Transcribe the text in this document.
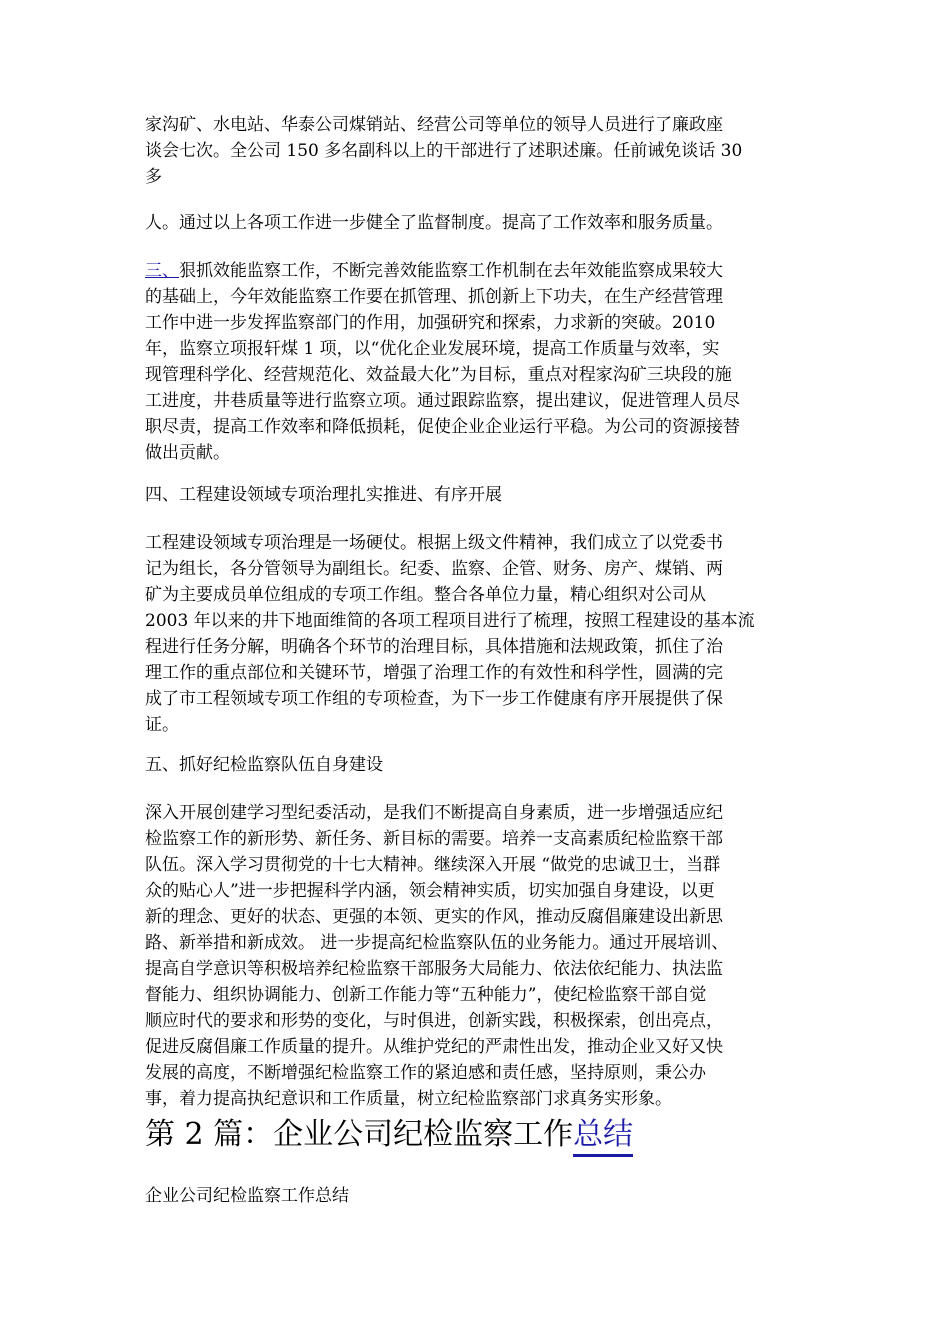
家沟矿、水电站、华泰公司煤销站、经营公司等单位的领导人员进行了廉政座
谈会七次。全公司 150 多名副科以上的干部进行了述职述廉。任前诫免谈话 30
多
人。通过以上各项工作进一步健全了监督制度。提高了工作效率和服务质量。
三、狠抓效能监察工作，不断完善效能监察工作机制在去年效能监察成果较大
的基础上，今年效能监察工作要在抓管理、抓创新上下功夫，在生产经营管理
工作中进一步发挥监察部门的作用，加强研究和探索，力求新的突破。2010
年，监察立项报轩煤 1 项，以“优化企业发展环境，提高工作质量与效率，实
现管理科学化、经营规范化、效益最大化”为目标，重点对程家沟矿三块段的施
工进度，井巷质量等进行监察立项。通过跟踪监察，提出建议，促进管理人员尽
职尽责，提高工作效率和降低损耗，促使企业企业运行平稳。为公司的资源接替
做出贡献。
四、工程建设领域专项治理扎实推进、有序开展
工程建设领域专项治理是一场硬仗。根据上级文件精神，我们成立了以党委书
记为组长，各分管领导为副组长。纪委、监察、企管、财务、房产、煤销、两
矿为主要成员单位组成的专项工作组。整合各单位力量，精心组织对公司从
2003 年以来的井下地面维简的各项工程项目进行了梳理，按照工程建设的基本流
程进行任务分解，明确各个环节的治理目标，具体措施和法规政策，抓住了治
理工作的重点部位和关键环节，增强了治理工作的有效性和科学性，圆满的完
成了市工程领域专项工作组的专项检查，为下一步工作健康有序开展提供了保
证。
五、抓好纪检监察队伍自身建设
深入开展创建学习型纪委活动，是我们不断提高自身素质，进一步增强适应纪
检监察工作的新形势、新任务、新目标的需要。培养一支高素质纪检监察干部
队伍。深入学习贯彻党的十七大精神。继续深入开展 “做党的忠诚卫士，当群
众的贴心人”进一步把握科学内涵，领会精神实质，切实加强自身建设，以更
新的理念、更好的状态、更强的本领、更实的作风，推动反腐倡廉建设出新思
路、新举措和新成效。 进一步提高纪检监察队伍的业务能力。通过开展培训、
提高自学意识等积极培养纪检监察干部服务大局能力、依法依纪能力、执法监
督能力、组织协调能力、创新工作能力等“五种能力”，使纪检监察干部自觉
顺应时代的要求和形势的变化，与时俱进，创新实践，积极探索，创出亮点，
促进反腐倡廉工作质量的提升。从维护党纪的严肃性出发，推动企业又好又快
发展的高度，不断增强纪检监察工作的紧迫感和责任感，坚持原则，秉公办
事，着力提高执纪意识和工作质量，树立纪检监察部门求真务实形象。
第 2 篇：企业公司纪检监察工作总结
企业公司纪检监察工作总结
